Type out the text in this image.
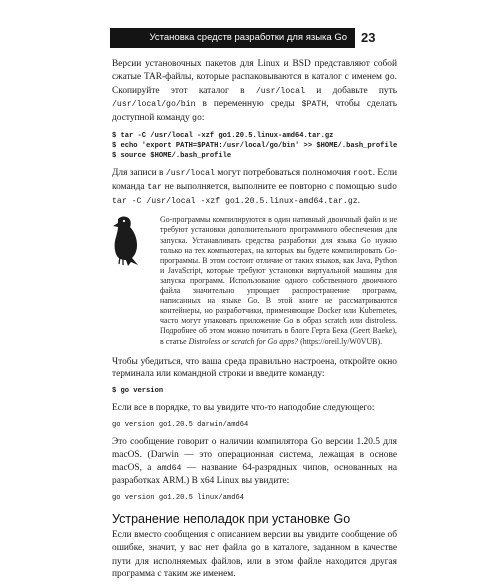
Установка средств разработки для языка Go	23

Версии установочных пакетов для Linux и BSD представляют собой сжатые TAR-файлы, которые распаковываются в каталог с именем go. Скопируйте этот каталог в /usr/local и добавьте путь /usr/local/go/bin в переменную среды $PATH, чтобы сделать доступной команду go:

$ tar -C /usr/local -xzf go1.20.5.linux-amd64.tar.gz
$ echo 'export PATH=$PATH:/usr/local/go/bin' >> $HOME/.bash_profile
$ source $HOME/.bash_profile

Для записи в /usr/local могут потребоваться полномочия root. Если команда tar не выполняется, выполните ее повторно с помощью sudo tar -C /usr/local -xzf go1.20.5.linux-amd64.tar.gz.

Go-программы компилируются в один нативный двоичный файл и не требуют установки дополнительного программного обеспечения для запуска. Устанавливать средства разработки для языка Go нужно только на тех компьютерах, на которых вы будете компилировать Go-программы. В этом состоит отличие от таких языков, как Java, Python и JavaScript, которые требуют установки виртуальной машины для запуска программ. Использование одного собственного двоичного файла значительно упрощает распространение программ, написанных на языке Go. В этой книге не рассматриваются контейнеры, но разработчики, применяющие Docker или Kubernetes, часто могут упаковать приложение Go в образ scratch или distroless. Подробнее об этом можно почитать в блоге Герта Бекa (Geert Baeke), в статье Distroless or scratch for Go apps? (https://oreil.ly/W0VUB).

Чтобы убедиться, что ваша среда правильно настроена, откройте окно терминала или командной строки и введите команду:

$ go version

Если все в порядке, то вы увидите что-то наподобие следующего:

go version go1.20.5 darwin/amd64

Это сообщение говорит о наличии компилятора Go версии 1.20.5 для macOS. (Darwin — это операционная система, лежащая в основе macOS, а amd64 — название 64-разрядных чипов, основанных на разработках ARM.) В x64 Linux вы увидите:

go version go1.20.5 linux/amd64
Устранение неполадок при установке Go

Если вместо сообщения с описанием версии вы увидите сообщение об ошибке, значит, у вас нет файла go в каталоге, заданном в качестве пути для исполняемых файлов, или в этом файле находится другая программа с таким же именем.
